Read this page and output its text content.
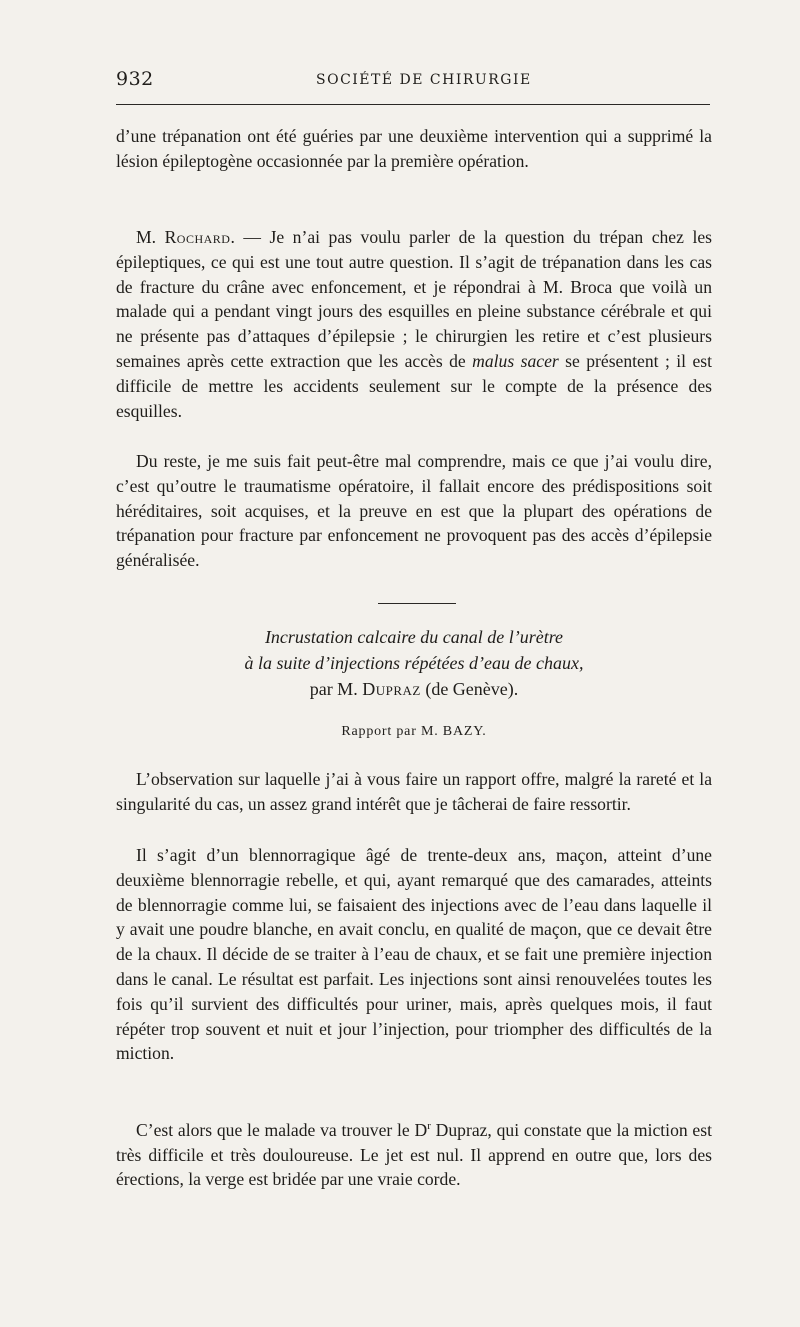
932	SOCIÉTÉ DE CHIRURGIE

d’une trépanation ont été guéries par une deuxième intervention qui a supprimé la lésion épileptogène occasionnée par la première opération.

M. Rochard. — Je n’ai pas voulu parler de la question du trépan chez les épileptiques, ce qui est une tout autre question. Il s’agit de trépanation dans les cas de fracture du crâne avec enfoncement, et je répondrai à M. Broca que voilà un malade qui a pendant vingt jours des esquilles en pleine substance cérébrale et qui ne présente pas d’attaques d’épilepsie ; le chirurgien les retire et c’est plusieurs semaines après cette extraction que les accès de malus sacer se présentent ; il est difficile de mettre les accidents seulement sur le compte de la présence des esquilles.

Du reste, je me suis fait peut-être mal comprendre, mais ce que j’ai voulu dire, c’est qu’outre le traumatisme opératoire, il fallait encore des prédispositions soit héréditaires, soit acquises, et la preuve en est que la plupart des opérations de trépanation pour fracture par enfoncement ne provoquent pas des accès d’épilepsie généralisée.

Incrustation calcaire du canal de l’urètre
à la suite d’injections répétées d’eau de chaux,
par M. Dupraz (de Genève).
Rapport par M. BAZY.

L’observation sur laquelle j’ai à vous faire un rapport offre, malgré la rareté et la singularité du cas, un assez grand intérêt que je tâcherai de faire ressortir.

Il s’agit d’un blennorragique âgé de trente-deux ans, maçon, atteint d’une deuxième blennorragie rebelle, et qui, ayant remarqué que des camarades, atteints de blennorragie comme lui, se faisaient des injections avec de l’eau dans laquelle il y avait une poudre blanche, en avait conclu, en qualité de maçon, que ce devait être de la chaux. Il décide de se traiter à l’eau de chaux, et se fait une première injection dans le canal. Le résultat est parfait. Les injections sont ainsi renouvelées toutes les fois qu’il survient des difficultés pour uriner, mais, après quelques mois, il faut répéter trop souvent et nuit et jour l’injection, pour triompher des difficultés de la miction.

C’est alors que le malade va trouver le $D^r$ Dupraz, qui constate que la miction est très difficile et très douloureuse. Le jet est nul. Il apprend en outre que, lors des érections, la verge est bridée par une vraie corde.
